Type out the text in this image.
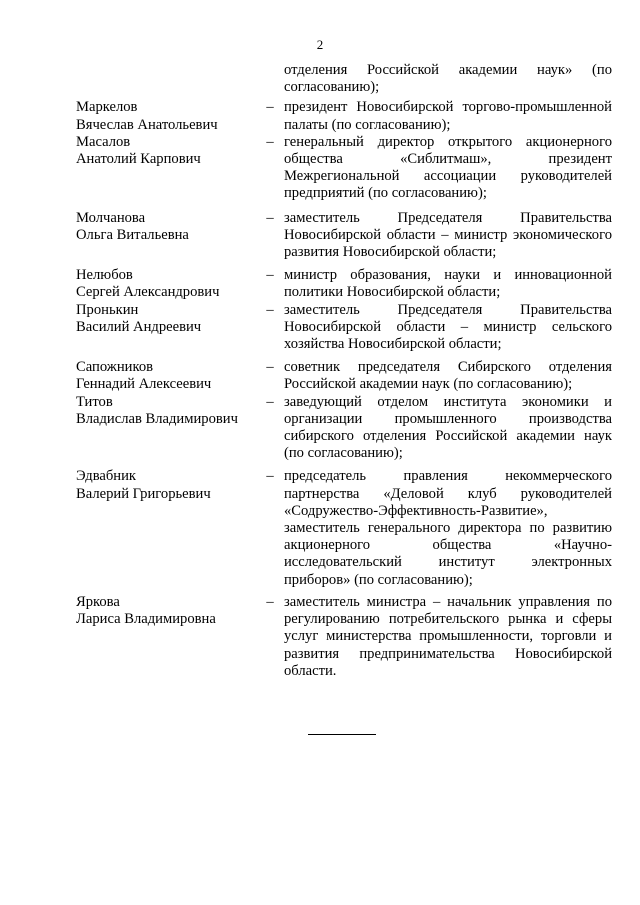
2

отделения Российской академии наук» (по согласованию);

Маркелов
Вячеслав Анатольевич
– президент Новосибирской торгово-промышленной палаты (по согласованию);

Масалов
Анатолий Карпович
– генеральный директор открытого акционерного общества «Сиблитмаш», президент Межрегиональной ассоциации руководителей предприятий (по согласованию);

Молчанова
Ольга Витальевна
– заместитель Председателя Правительства Новосибирской области – министр экономического развития Новосибирской области;

Нелюбов
Сергей Александрович
– министр образования, науки и инновационной политики Новосибирской области;

Пронькин
Василий Андреевич
– заместитель Председателя Правительства Новосибирской области – министр сельского хозяйства Новосибирской области;

Сапожников
Геннадий Алексеевич
– советник председателя Сибирского отделения Российской академии наук (по согласованию);

Титов
Владислав Владимирович
– заведующий отделом института экономики и организации промышленного производства сибирского отделения Российской академии наук (по согласованию);

Эдвабник
Валерий Григорьевич
– председатель правления некоммерческого партнерства «Деловой клуб руководителей «Содружество-Эффективность-Развитие»,

заместитель генерального директора по развитию акционерного общества «Научно-исследовательский институт электронных приборов» (по согласованию);

Яркова
Лариса Владимировна
– заместитель министра – начальник управления по регулированию потребительского рынка и сферы услуг министерства промышленности, торговли и развития предпринимательства Новосибирской области.
